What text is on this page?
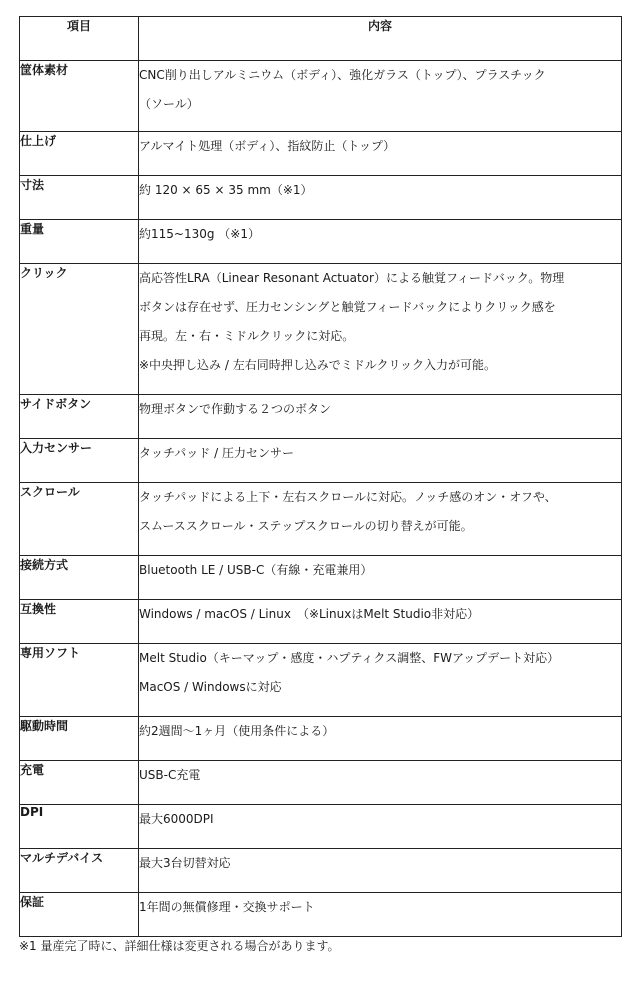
項目	内容
筐体素材	CNC削り出しアルミニウム（ボディ）、強化ガラス（トップ）、プラスチック
（ソール）

仕上げ	アルマイト処理（ボディ）、指紋防止（トップ）

寸法	約 120 × 65 × 35 mm（※1）

重量	約115~130g （※1）

クリック	高応答性LRA（Linear Resonant Actuator）による触覚フィードバック。物理
ボタンは存在せず、圧力センシングと触覚フィードバックによりクリック感を
再現。左・右・ミドルクリックに対応。
※中央押し込み / 左右同時押し込みでミドルクリック入力が可能。

サイドボタン	物理ボタンで作動する２つのボタン

入力センサー	タッチパッド / 圧力センサー

スクロール	タッチパッドによる上下・左右スクロールに対応。ノッチ感のオン・オフや、
スムーススクロール・ステップスクロールの切り替えが可能。

接続方式	Bluetooth LE / USB-C（有線・充電兼用）

互換性	Windows / macOS / Linux　（※LinuxはMelt Studio非対応）

専用ソフト	Melt Studio（キーマップ・感度・ハプティクス調整、FWアップデート対応）
MacOS / Windowsに対応

駆動時間	約2週間〜1ヶ月（使用条件による）

充電	USB-C充電

DPI	最大6000DPI

マルチデバイス	最大3台切替対応

保証	1年間の無償修理・交換サポート
※1 量産完了時に、詳細仕様は変更される場合があります。
